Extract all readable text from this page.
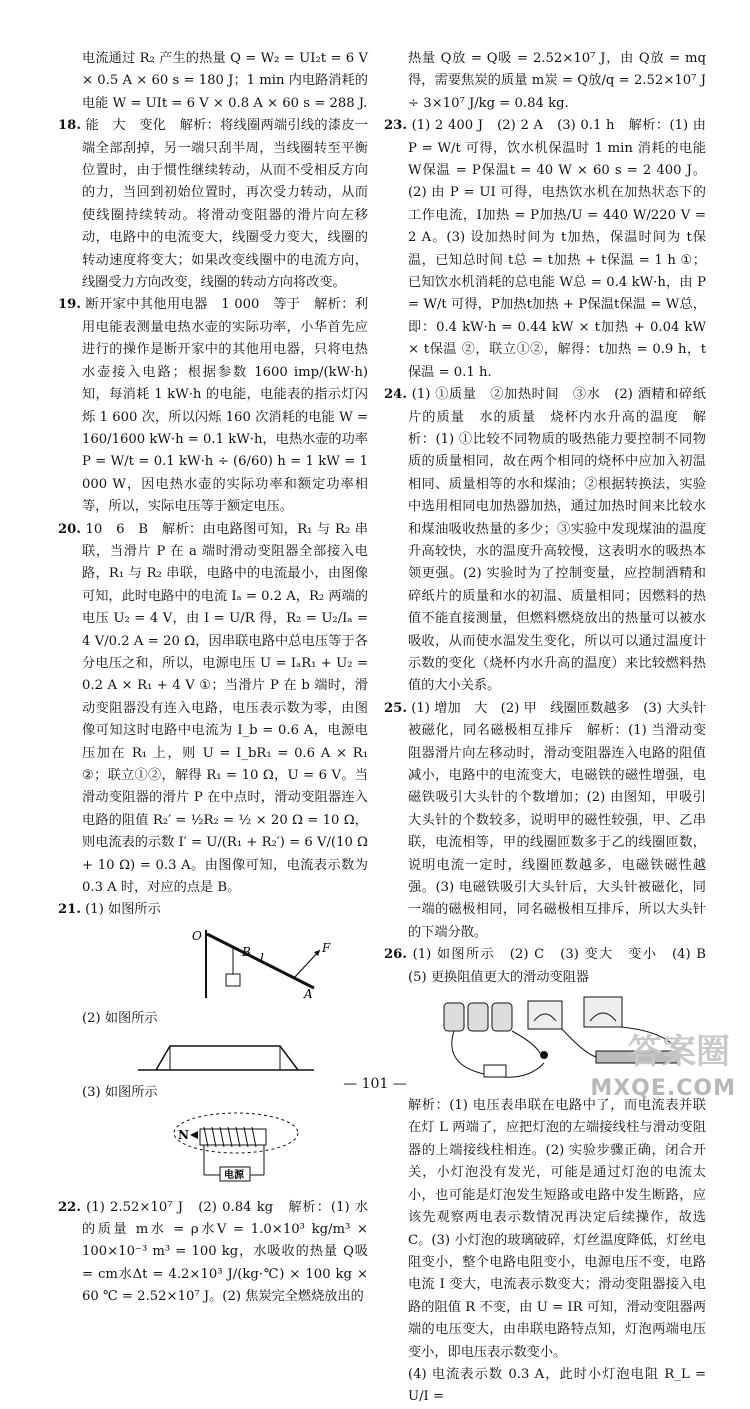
电流通过 R₂ 产生的热量 Q = W₂ = UI₂t = 6 V × 0.5 A × 60 s = 180 J；1 min 内电路消耗的电能 W = UIt = 6 V × 0.8 A × 60 s = 288 J.

18. 能　大　变化　解析：将线圈两端引线的漆皮一端全部刮掉，另一端只刮半周，当线圈转至平衡位置时，由于惯性继续转动，从而不受相反方向的力，当回到初始位置时，再次受力转动，从而使线圈持续转动。将滑动变阻器的滑片向左移动，电路中的电流变大，线圈受力变大，线圈的转动速度将变大；如果改变线圈中的电流方向，线圈受力方向改变，线圈的转动方向将改变。

19. 断开家中其他用电器　1 000　等于　解析：利用电能表测量电热水壶的实际功率，小华首先应进行的操作是断开家中的其他用电器，只将电热水壶接入电路；根据参数 1600 imp/(kW·h) 知，每消耗 1 kW·h 的电能，电能表的指示灯闪烁 1 600 次，所以闪烁 160 次消耗的电能 W = 160/1600 kW·h = 0.1 kW·h，电热水壶的功率 P = W/t = 0.1 kW·h ÷ (6/60) h = 1 kW = 1 000 W，因电热水壶的实际功率和额定功率相等，所以，实际电压等于额定电压。

20. 10　6　B　解析：由电路图可知，R₁ 与 R₂ 串联，当滑片 P 在 a 端时滑动变阻器全部接入电路，R₁ 与 R₂ 串联，电路中的电流最小，由图像可知，此时电路中的电流 Iₐ = 0.2 A，R₂ 两端的电压 U₂ = 4 V，由 I = U/R 得，R₂ = U₂/Iₐ = 4 V/0.2 A = 20 Ω，因串联电路中总电压等于各分电压之和，所以，电源电压 U = IₐR₁ + U₂ = 0.2 A × R₁ + 4 V ①；当滑片 P 在 b 端时，滑动变阻器没有连入电路，电压表示数为零，由图像可知这时电路中电流为 I_b = 0.6 A，电源电压加在 R₁ 上，则 U = I_bR₁ = 0.6 A × R₁ ②；联立①②，解得 R₁ = 10 Ω，U = 6 V。当滑动变阻器的滑片 P 在中点时，滑动变阻器连入电路的阻值 R₂′ = ½R₂ = ½ × 20 Ω = 10 Ω，则电流表的示数 I′ = U/(R₁ + R₂′) = 6 V/(10 Ω + 10 Ω) = 0.3 A。由图像可知，电流表示数为 0.3 A 时，对应的点是 B。

21. (1) 如图所示

O
l
B
A
F

(2) 如图所示

(3) 如图所示

电源
N

22. (1) 2.52×10⁷ J　(2) 0.84 kg　解析：(1) 水的质量 m水 = ρ水V = 1.0×10³ kg/m³ × 100×10⁻³ m³ = 100 kg，水吸收的热量 Q吸 = cm水Δt = 4.2×10³ J/(kg·℃) × 100 kg × 60 ℃ = 2.52×10⁷ J。(2) 焦炭完全燃烧放出的

热量 Q放 = Q吸 = 2.52×10⁷ J，由 Q放 = mq 得，需要焦炭的质量 m炭 = Q放/q = 2.52×10⁷ J ÷ 3×10⁷ J/kg = 0.84 kg.

23. (1) 2 400 J　(2) 2 A　(3) 0.1 h　解析：(1) 由 P = W/t 可得，饮水机保温时 1 min 消耗的电能 W保温 = P保温t = 40 W × 60 s = 2 400 J。(2) 由 P = UI 可得，电热饮水机在加热状态下的工作电流，I加热 = P加热/U = 440 W/220 V = 2 A。(3) 设加热时间为 t加热，保温时间为 t保温，已知总时间 t总 = t加热 + t保温 = 1 h ①；已知饮水机消耗的总电能 W总 = 0.4 kW·h，由 P = W/t 可得，P加热t加热 + P保温t保温 = W总，即：0.4 kW·h = 0.44 kW × t加热 + 0.04 kW × t保温 ②，联立①②，解得：t加热 = 0.9 h，t保温 = 0.1 h.

24. (1) ①质量　②加热时间　③水　(2) 酒精和碎纸片的质量　水的质量　烧杯内水升高的温度　解析：(1) ①比较不同物质的吸热能力要控制不同物质的质量相同，故在两个相同的烧杯中应加入初温相同、质量相等的水和煤油；②根据转换法，实验中选用相同电加热器加热，通过加热时间来比较水和煤油吸收热量的多少；③实验中发现煤油的温度升高较快，水的温度升高较慢，这表明水的吸热本领更强。(2) 实验时为了控制变量，应控制酒精和碎纸片的质量和水的初温、质量相同；因燃料的热值不能直接测量，但燃料燃烧放出的热量可以被水吸收，从而使水温发生变化，所以可以通过温度计示数的变化（烧杯内水升高的温度）来比较燃料热值的大小关系。

25. (1) 增加　大　(2) 甲　线圈匝数越多　(3) 大头针被磁化，同名磁极相互排斥　解析：(1) 当滑动变阻器滑片向左移动时，滑动变阻器连入电路的阻值减小，电路中的电流变大，电磁铁的磁性增强，电磁铁吸引大头针的个数增加；(2) 由图知，甲吸引大头针的个数较多，说明甲的磁性较强，甲、乙串联，电流相等，甲的线圈匝数多于乙的线圈匝数，说明电流一定时，线圈匝数越多，电磁铁磁性越强。(3) 电磁铁吸引大头针后，大头针被磁化，同一端的磁极相同，同名磁极相互排斥，所以大头针的下端分散。

26. (1) 如图所示　(2) C　(3) 变大　变小　(4) B　(5) 更换阻值更大的滑动变阻器

解析：(1) 电压表串联在电路中了，而电流表并联在灯 L 两端了，应把灯泡的左端接线柱与滑动变阻器的上端接线柱相连。(2) 实验步骤正确，闭合开关，小灯泡没有发光，可能是通过灯泡的电流太小，也可能是灯泡发生短路或电路中发生断路，应该先观察两电表示数情况再决定后续操作，故选 C。(3) 小灯泡的玻璃破碎，灯丝温度降低，灯丝电阻变小，整个电路电阻变小，电源电压不变，电路电流 I 变大，电流表示数变大；滑动变阻器接入电路的阻值 R 不变，由 U = IR 可知，滑动变阻器两端的电压变大，由串联电路特点知，灯泡两端电压变小，即电压表示数变小。

(4) 电流表示数 0.3 A，此时小灯泡电阻 R_L = U/I =

— 101 —
答案圈
MXQE.COM
